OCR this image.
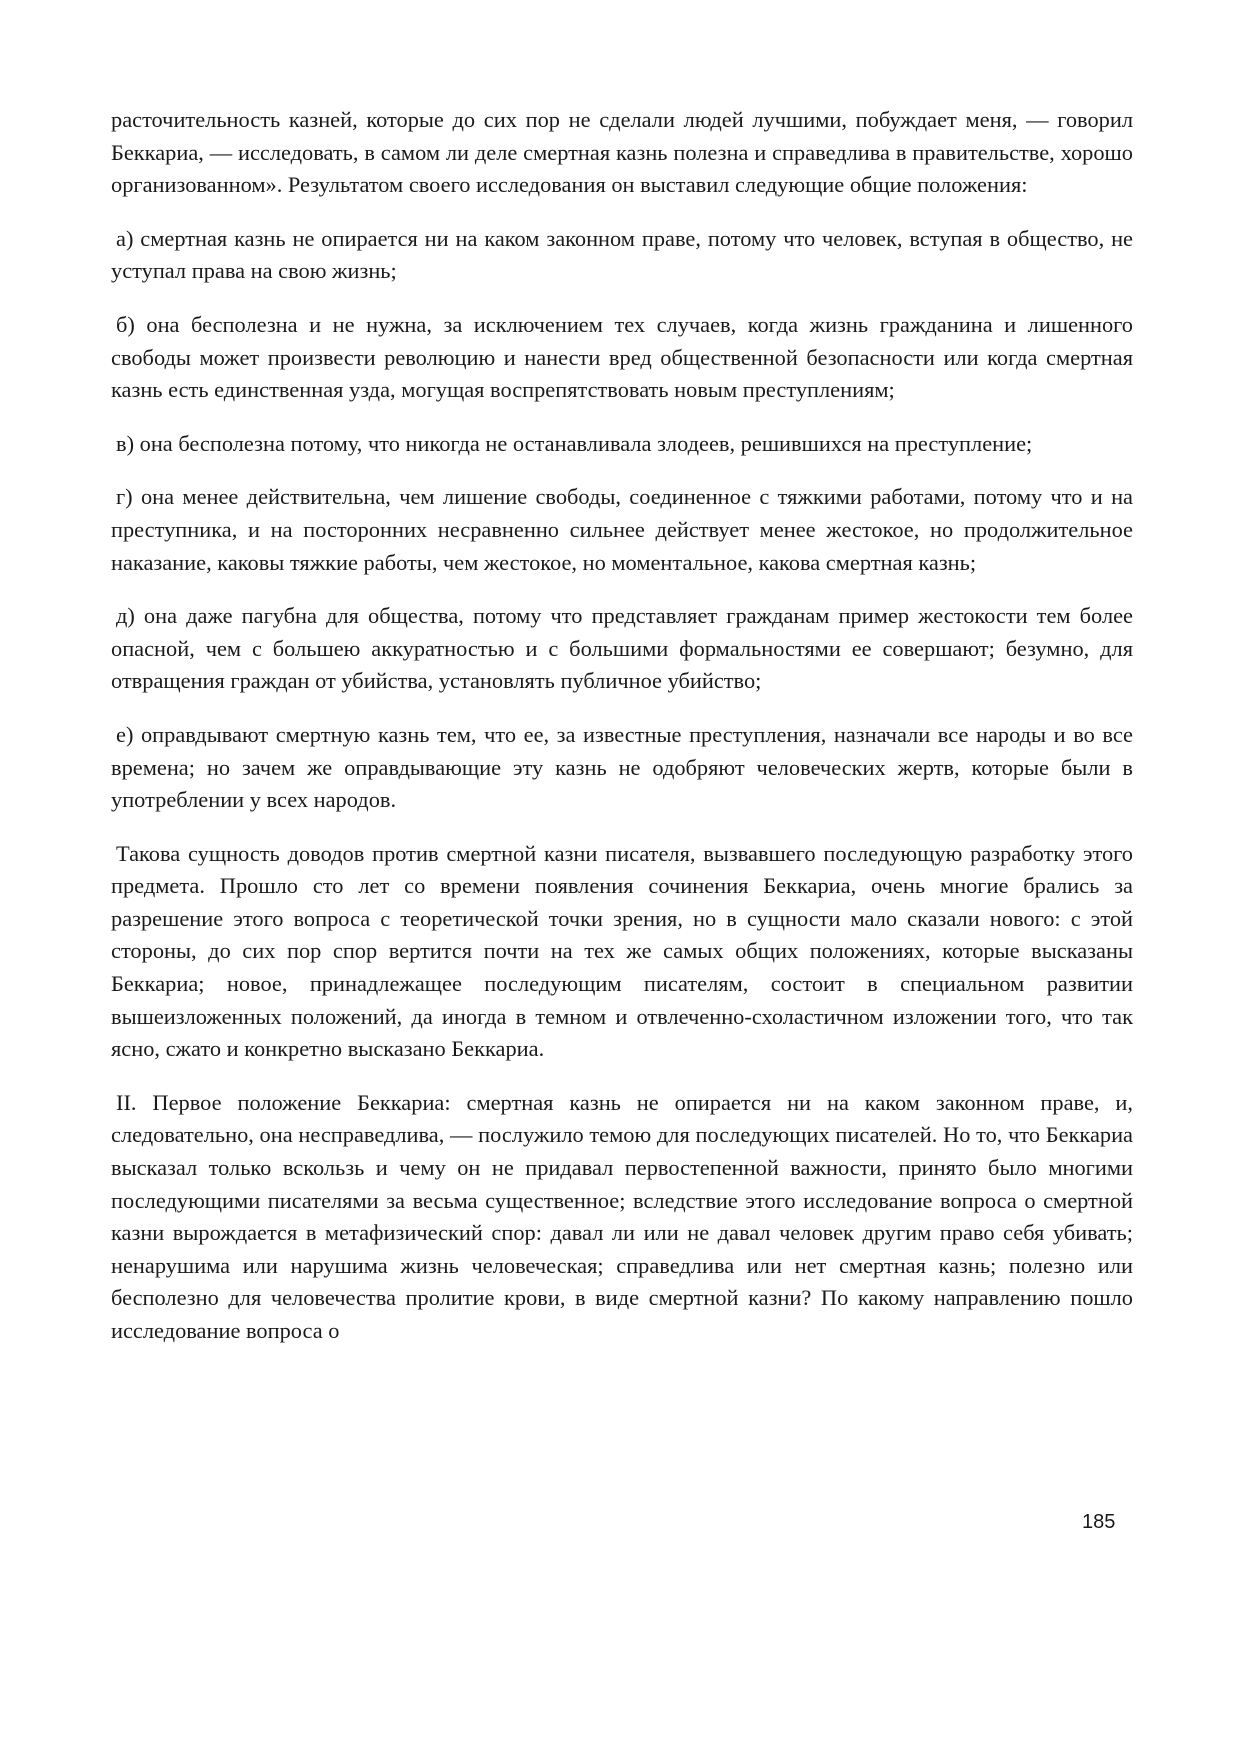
расточительность казней, которые до сих пор не сделали людей лучшими, побуждает меня, — говорил Беккариа, — исследовать, в самом ли деле смертная казнь полезна и справедлива в правительстве, хорошо организованном». Результатом своего исследования он выставил следующие общие положения:

а) смертная казнь не опирается ни на каком законном праве, потому что человек, вступая в общество, не уступал права на свою жизнь;

б) она бесполезна и не нужна, за исключением тех случаев, когда жизнь гражданина и лишенного свободы может произвести революцию и нанести вред общественной безопасности или когда смертная казнь есть единственная узда, могущая воспрепятствовать новым преступлениям;

в) она бесполезна потому, что никогда не останавливала злодеев, решившихся на преступление;

г) она менее действительна, чем лишение свободы, соединенное с тяжкими работами, потому что и на преступника, и на посторонних несравненно сильнее действует менее жестокое, но продолжительное наказание, каковы тяжкие работы, чем жестокое, но моментальное, какова смертная казнь;

д) она даже пагубна для общества, потому что представляет гражданам пример жестокости тем более опасной, чем с большею аккуратностью и с большими формальностями ее совершают; безумно, для отвращения граждан от убийства, установлять публичное убийство;

е) оправдывают смертную казнь тем, что ее, за известные преступления, назначали все народы и во все времена; но зачем же оправдывающие эту казнь не одобряют человеческих жертв, которые были в употреблении у всех народов.

Такова сущность доводов против смертной казни писателя, вызвавшего последующую разработку этого предмета. Прошло сто лет со времени появления сочинения Беккариа, очень многие брались за разрешение этого вопроса с теоретической точки зрения, но в сущности мало сказали нового: с этой стороны, до сих пор спор вертится почти на тех же самых общих положениях, которые высказаны Беккариа; новое, принадлежащее последующим писателям, состоит в специальном развитии вышеизложенных положений, да иногда в темном и отвлеченно-схоластичном изложении того, что так ясно, сжато и конкретно высказано Беккариа.

II. Первое положение Беккариа: смертная казнь не опирается ни на каком законном праве, и, следовательно, она несправедлива, — послужило темою для последующих писателей. Но то, что Беккариа высказал только вскользь и чему он не придавал первостепенной важности, принято было многими последующими писателями за весьма существенное; вследствие этого исследование вопроса о смертной казни вырождается в метафизический спор: давал ли или не давал человек другим право себя убивать; ненарушима или нарушима жизнь человеческая; справедлива или нет смертная казнь; полезно или бесполезно для человечества пролитие крови, в виде смертной казни? По какому направлению пошло исследование вопроса о

185
